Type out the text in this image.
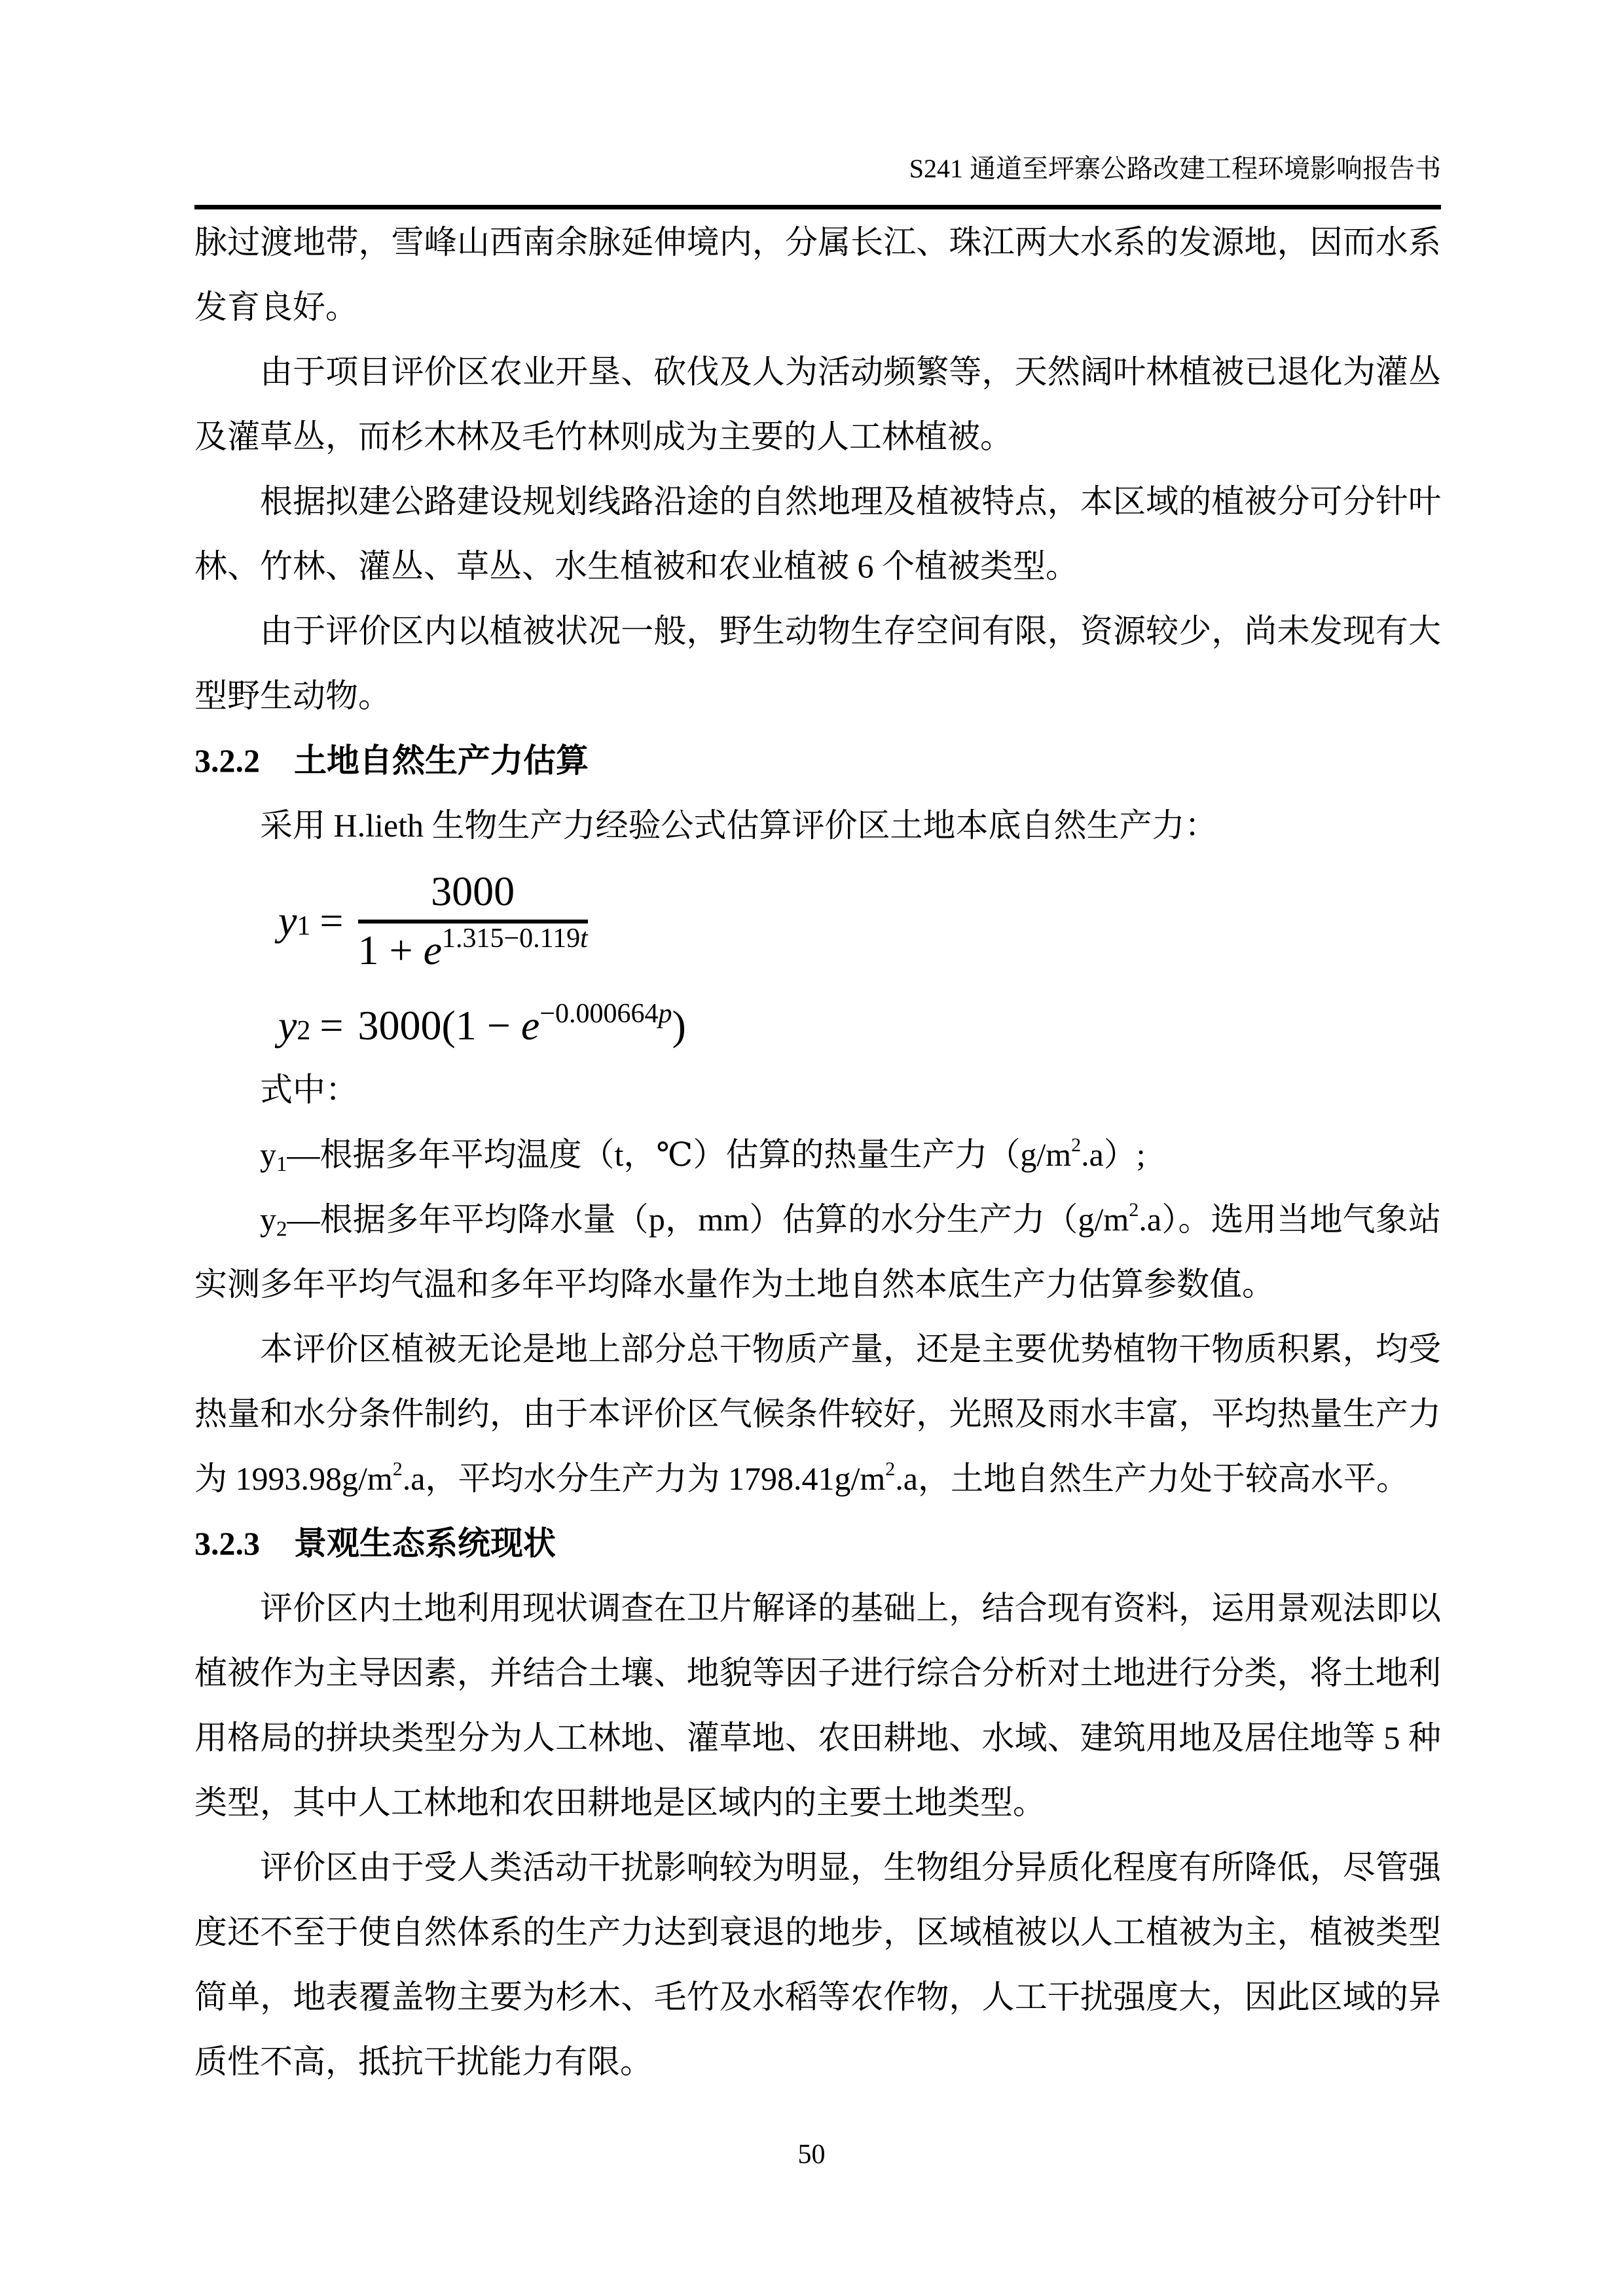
S241 通道至坪寨公路改建工程环境影响报告书

脉过渡地带，雪峰山西南余脉延伸境内，分属长江、珠江两大水系的发源地，因而水系发育良好。

由于项目评价区农业开垦、砍伐及人为活动频繁等，天然阔叶林植被已退化为灌丛及灌草丛，而杉木林及毛竹林则成为主要的人工林植被。

根据拟建公路建设规划线路沿途的自然地理及植被特点，本区域的植被分可分针叶林、竹林、灌丛、草丛、水生植被和农业植被 6 个植被类型。

由于评价区内以植被状况一般，野生动物生存空间有限，资源较少，尚未发现有大型野生动物。

3.2.2 土地自然生产力估算

采用 H.lieth 生物生产力经验公式估算评价区土地本底自然生产力：

y 1 =
3000
$1 + e^{1.315-0.119t}$
y $2 = 3000(1 - e^{-0.000664p})$

式中：

$y_1—$根据多年平均温度（t，℃）估算的热量生产力$(g/m^2.a)$;

$y_2—$根据多年平均降水量（p，mm）估算的水分生产力$(g/m^2.a)$。选用当地气象站实测多年平均气温和多年平均降水量作为土地自然本底生产力估算参数值。

本评价区植被无论是地上部分总干物质产量，还是主要优势植物干物质积累，均受热量和水分条件制约，由于本评价区气候条件较好，光照及雨水丰富，平均热量生产力为 $1993.98g/m^2.a$，平均水分生产力为 $1798.41g/m^2.a$，土地自然生产力处于较高水平。

3.2.3 景观生态系统现状

评价区内土地利用现状调查在卫片解译的基础上，结合现有资料，运用景观法即以植被作为主导因素，并结合土壤、地貌等因子进行综合分析对土地进行分类，将土地利用格局的拼块类型分为人工林地、灌草地、农田耕地、水域、建筑用地及居住地等 5 种类型，其中人工林地和农田耕地是区域内的主要土地类型。

评价区由于受人类活动干扰影响较为明显，生物组分异质化程度有所降低，尽管强度还不至于使自然体系的生产力达到衰退的地步，区域植被以人工植被为主，植被类型简单，地表覆盖物主要为杉木、毛竹及水稻等农作物，人工干扰强度大，因此区域的异质性不高，抵抗干扰能力有限。

50
